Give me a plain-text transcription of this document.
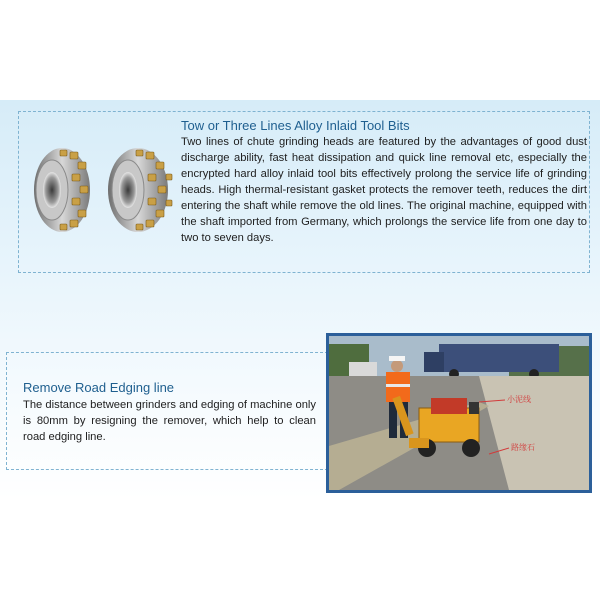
Tow or Three Lines Alloy Inlaid Tool Bits
Two lines of chute grinding heads are featured by the advantages of good dust discharge ability, fast heat dissipation and quick line removal etc, especially the encrypted hard alloy inlaid tool bits effectively prolong the service life of grinding heads. High thermal-resistant gasket protects the remover teeth, reduces the dirt entering the shaft while remove the old lines. The original machine, equipped with the shaft imported from Germany, which prolongs the service life from one day to two to seven days.
Remove Road Edging line
The distance between grinders and edging of machine only is 80mm by resigning the remover, which help to clean road edging line.
小泥线
路缘石
